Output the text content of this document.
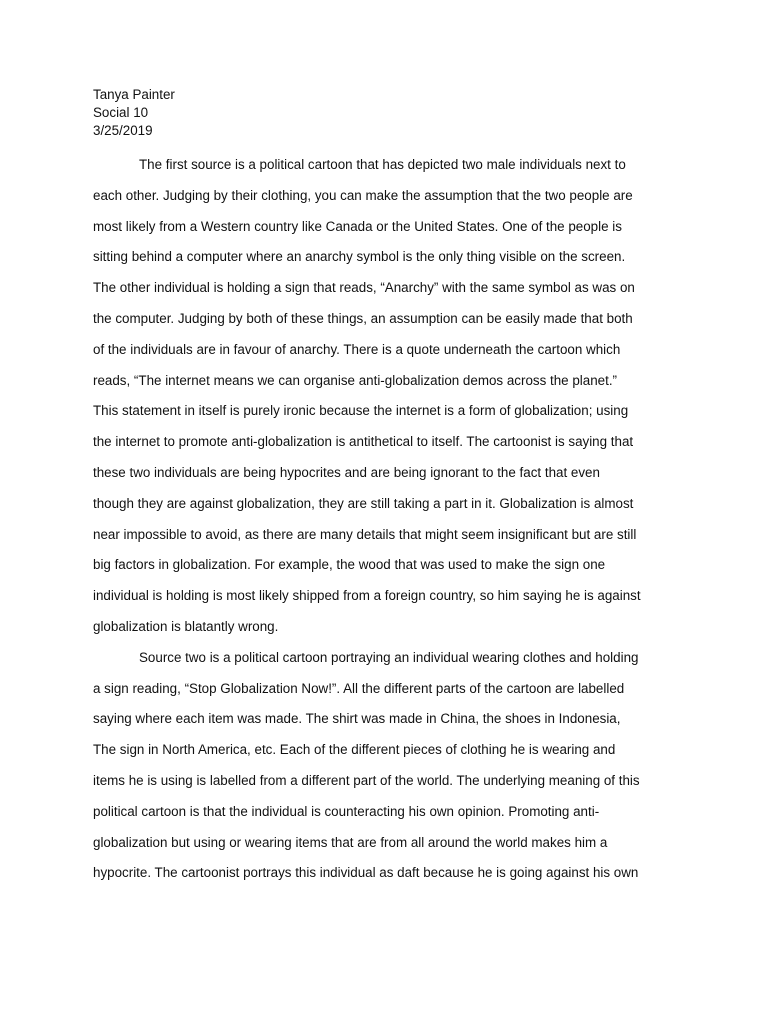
Tanya Painter
Social 10
3/25/2019
The first source is a political cartoon that has depicted two male individuals next to
each other. Judging by their clothing, you can make the assumption that the two people are
most likely from a Western country like Canada or the United States. One of the people is
sitting behind a computer where an anarchy symbol is the only thing visible on the screen.
The other individual is holding a sign that reads, “Anarchy” with the same symbol as was on
the computer. Judging by both of these things, an assumption can be easily made that both
of the individuals are in favour of anarchy. There is a quote underneath the cartoon which
reads, “The internet means we can organise anti-globalization demos across the planet.”
This statement in itself is purely ironic because the internet is a form of globalization; using
the internet to promote anti-globalization is antithetical to itself. The cartoonist is saying that
these two individuals are being hypocrites and are being ignorant to the fact that even
though they are against globalization, they are still taking a part in it. Globalization is almost
near impossible to avoid, as there are many details that might seem insignificant but are still
big factors in globalization. For example, the wood that was used to make the sign one
individual is holding is most likely shipped from a foreign country, so him saying he is against
globalization is blatantly wrong.
Source two is a political cartoon portraying an individual wearing clothes and holding
a sign reading, “Stop Globalization Now!”. All the different parts of the cartoon are labelled
saying where each item was made. The shirt was made in China, the shoes in Indonesia,
The sign in North America, etc. Each of the different pieces of clothing he is wearing and
items he is using is labelled from a different part of the world. The underlying meaning of this
political cartoon is that the individual is counteracting his own opinion. Promoting anti-
globalization but using or wearing items that are from all around the world makes him a
hypocrite. The cartoonist portrays this individual as daft because he is going against his own
